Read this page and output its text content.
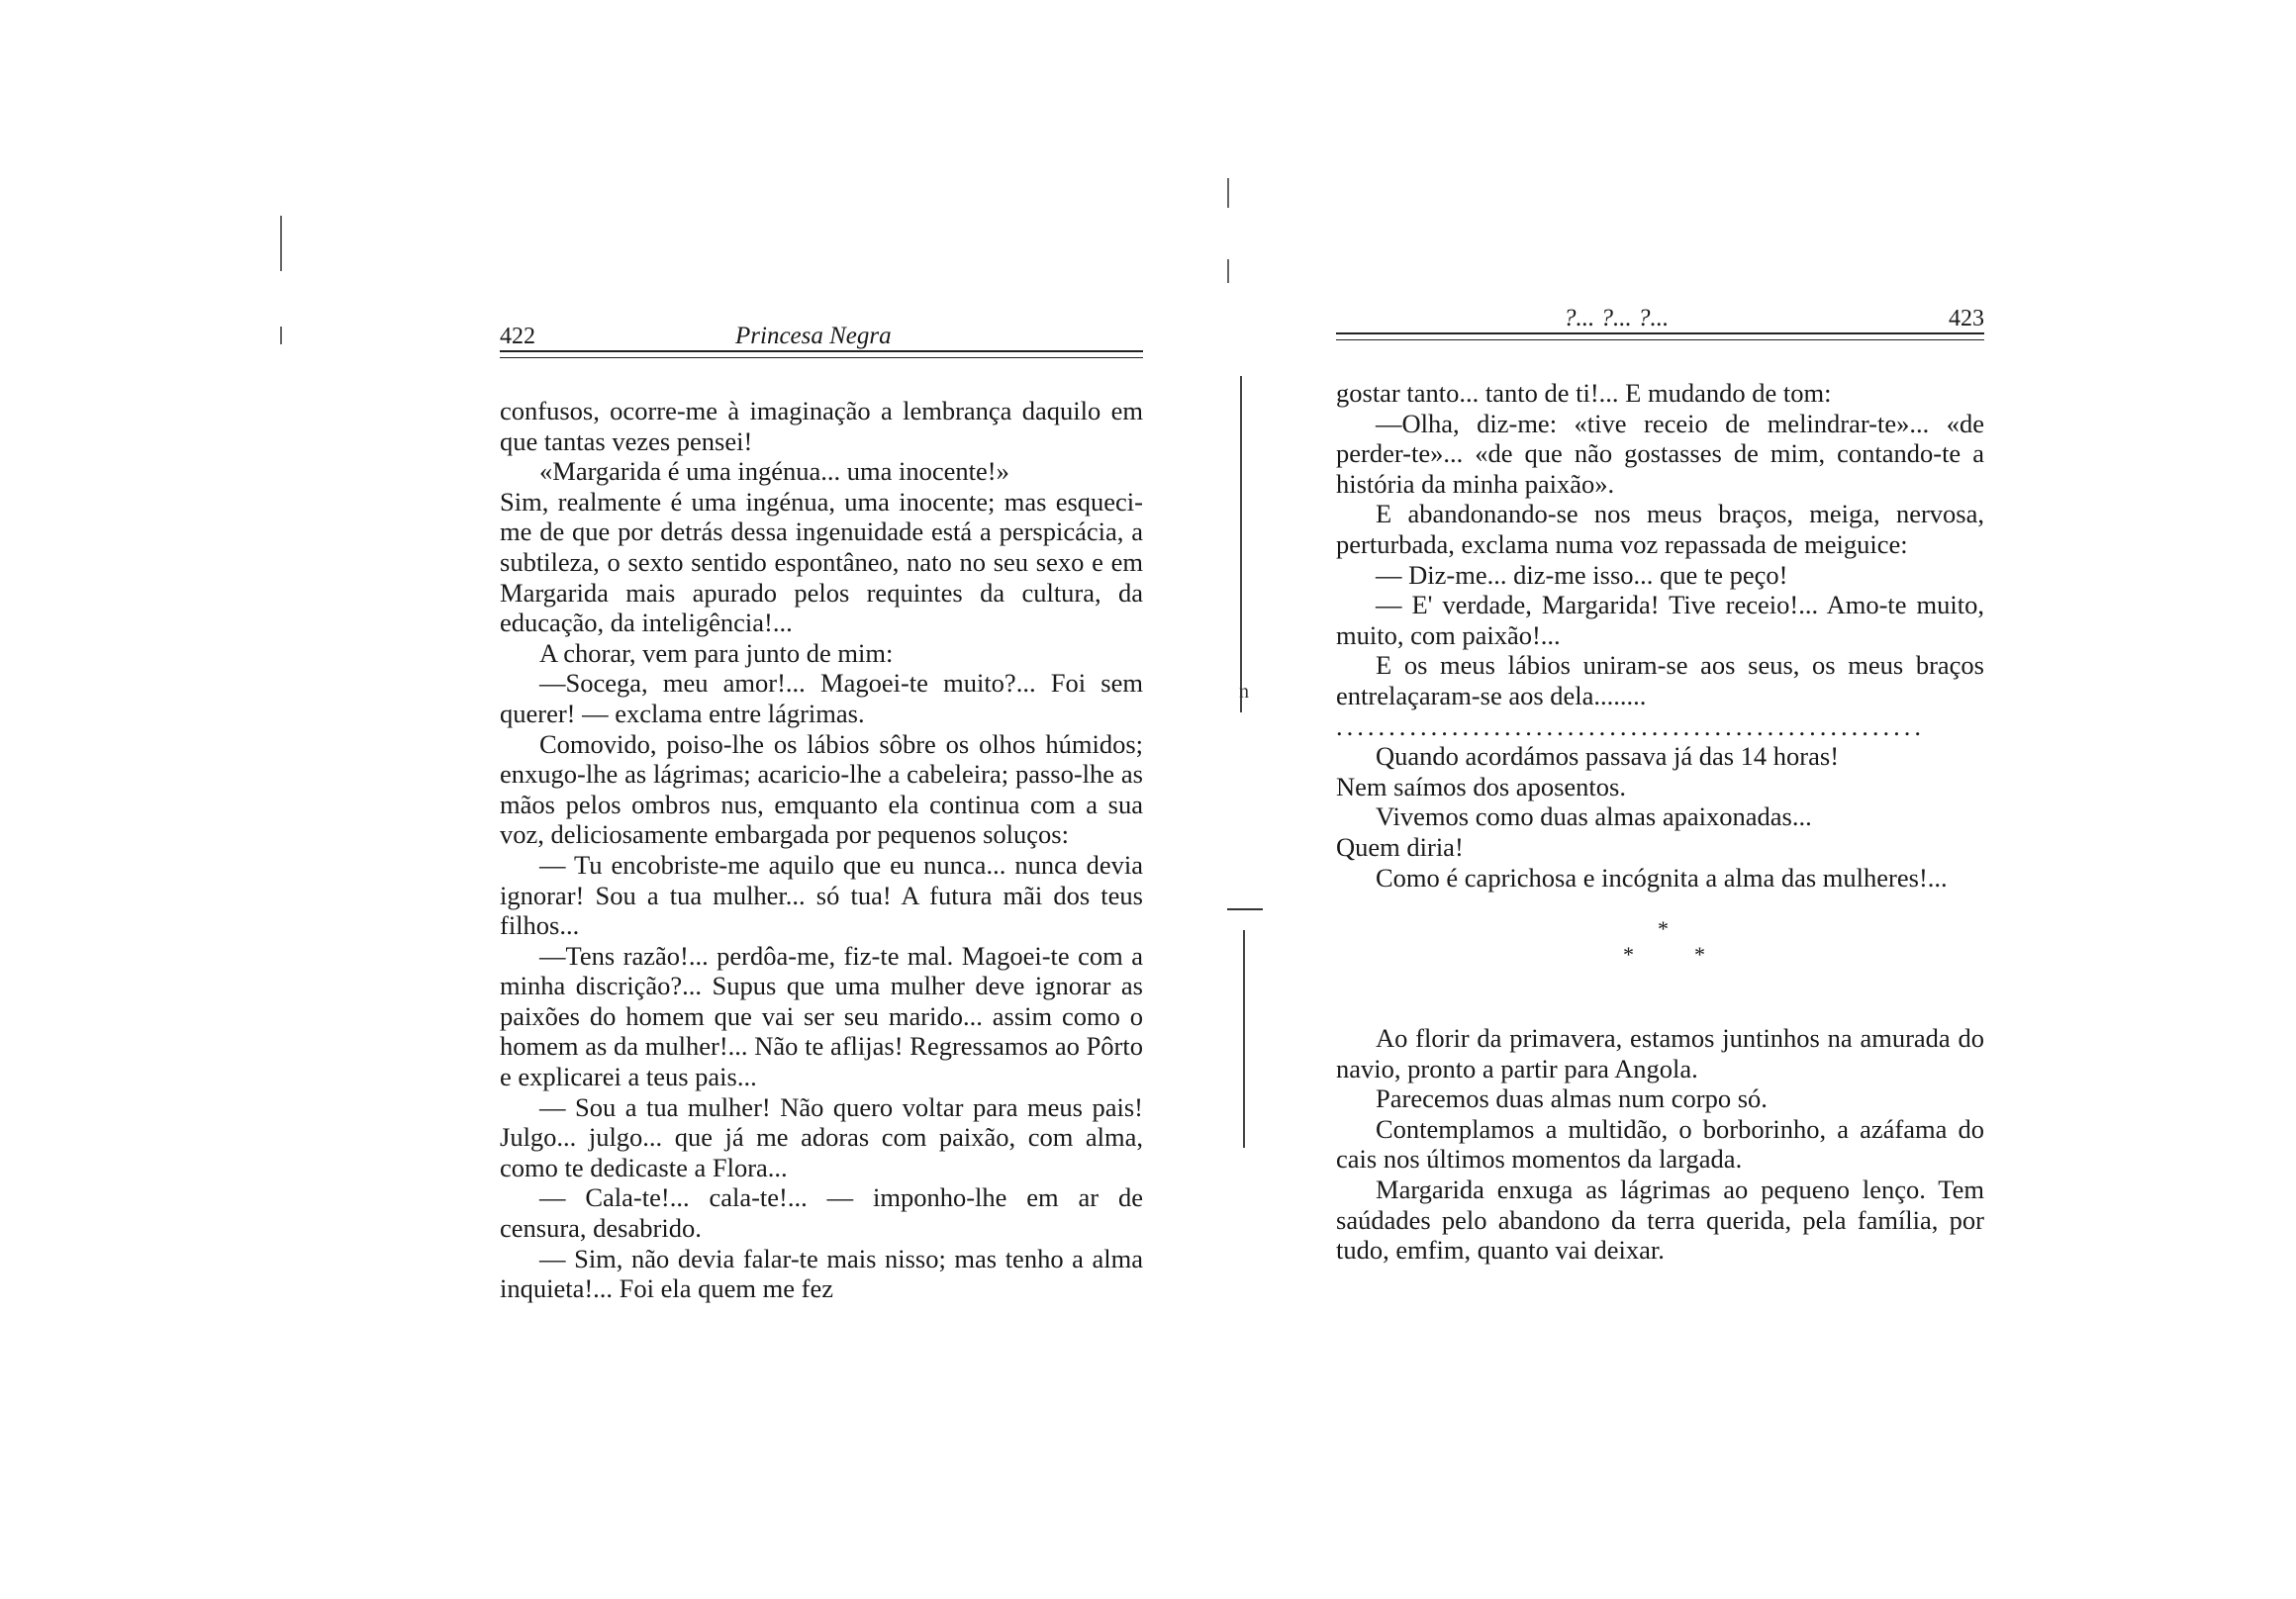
422	Princesa Negra

confusos, ocorre-me à imaginação a lembrança daquilo em que tantas vezes pensei!

«Margarida é uma ingénua... uma inocente!»

Sim, realmente é uma ingénua, uma inocente; mas esqueci-me de que por detrás dessa ingenuidade está a perspicácia, a subtileza, o sexto sentido espontâneo, nato no seu sexo e em Margarida mais apurado pelos requintes da cultura, da educação, da inteligência!...

A chorar, vem para junto de mim:

—Socega, meu amor!... Magoei-te muito?... Foi sem querer! — exclama entre lágrimas.

Comovido, poiso-lhe os lábios sôbre os olhos húmidos; enxugo-lhe as lágrimas; acaricio-lhe a cabeleira; passo-lhe as mãos pelos ombros nus, emquanto ela continua com a sua voz, deliciosamente embargada por pequenos soluços:

— Tu encobriste-me aquilo que eu nunca... nunca devia ignorar! Sou a tua mulher... só tua! A futura mãi dos teus filhos...

—Tens razão!... perdôa-me, fiz-te mal. Magoei-te com a minha discrição?... Supus que uma mulher deve ignorar as paixões do homem que vai ser seu marido... assim como o homem as da mulher!... Não te aflijas! Regressamos ao Pôrto e explicarei a teus pais...

— Sou a tua mulher! Não quero voltar para meus pais! Julgo... julgo... que já me adoras com paixão, com alma, como te dedicaste a Flora...

— Cala-te!... cala-te!... — imponho-lhe em ar de censura, desabrido.

— Sim, não devia falar-te mais nisso; mas tenho a alma inquieta!... Foi ela quem me fez

?... ?... ?...	423

gostar tanto... tanto de ti!... E mudando de tom:

—Olha, diz-me: «tive receio de melindrar-te»... «de perder-te»... «de que não gostasses de mim, contando-te a história da minha paixão».

E abandonando-se nos meus braços, meiga, nervosa, perturbada, exclama numa voz repassada de meiguice:

— Diz-me... diz-me isso... que te peço!

— E' verdade, Margarida! Tive receio!... Amo-te muito, muito, com paixão!...

E os meus lábios uniram-se aos seus, os meus braços entrelaçaram-se aos dela........

........................................................

Quando acordámos passava já das 14 horas!

Nem saímos dos aposentos.

Vivemos como duas almas apaixonadas...

Quem diria!

Como é caprichosa e incógnita a alma das mulheres!...

*
*	*

Ao florir da primavera, estamos juntinhos na amurada do navio, pronto a partir para Angola.

Parecemos duas almas num corpo só.

Contemplamos a multidão, o borborinho, a azáfama do cais nos últimos momentos da largada.

Margarida enxuga as lágrimas ao pequeno lenço. Tem saúdades pelo abandono da terra querida, pela família, por tudo, emfim, quanto vai deixar.

n
